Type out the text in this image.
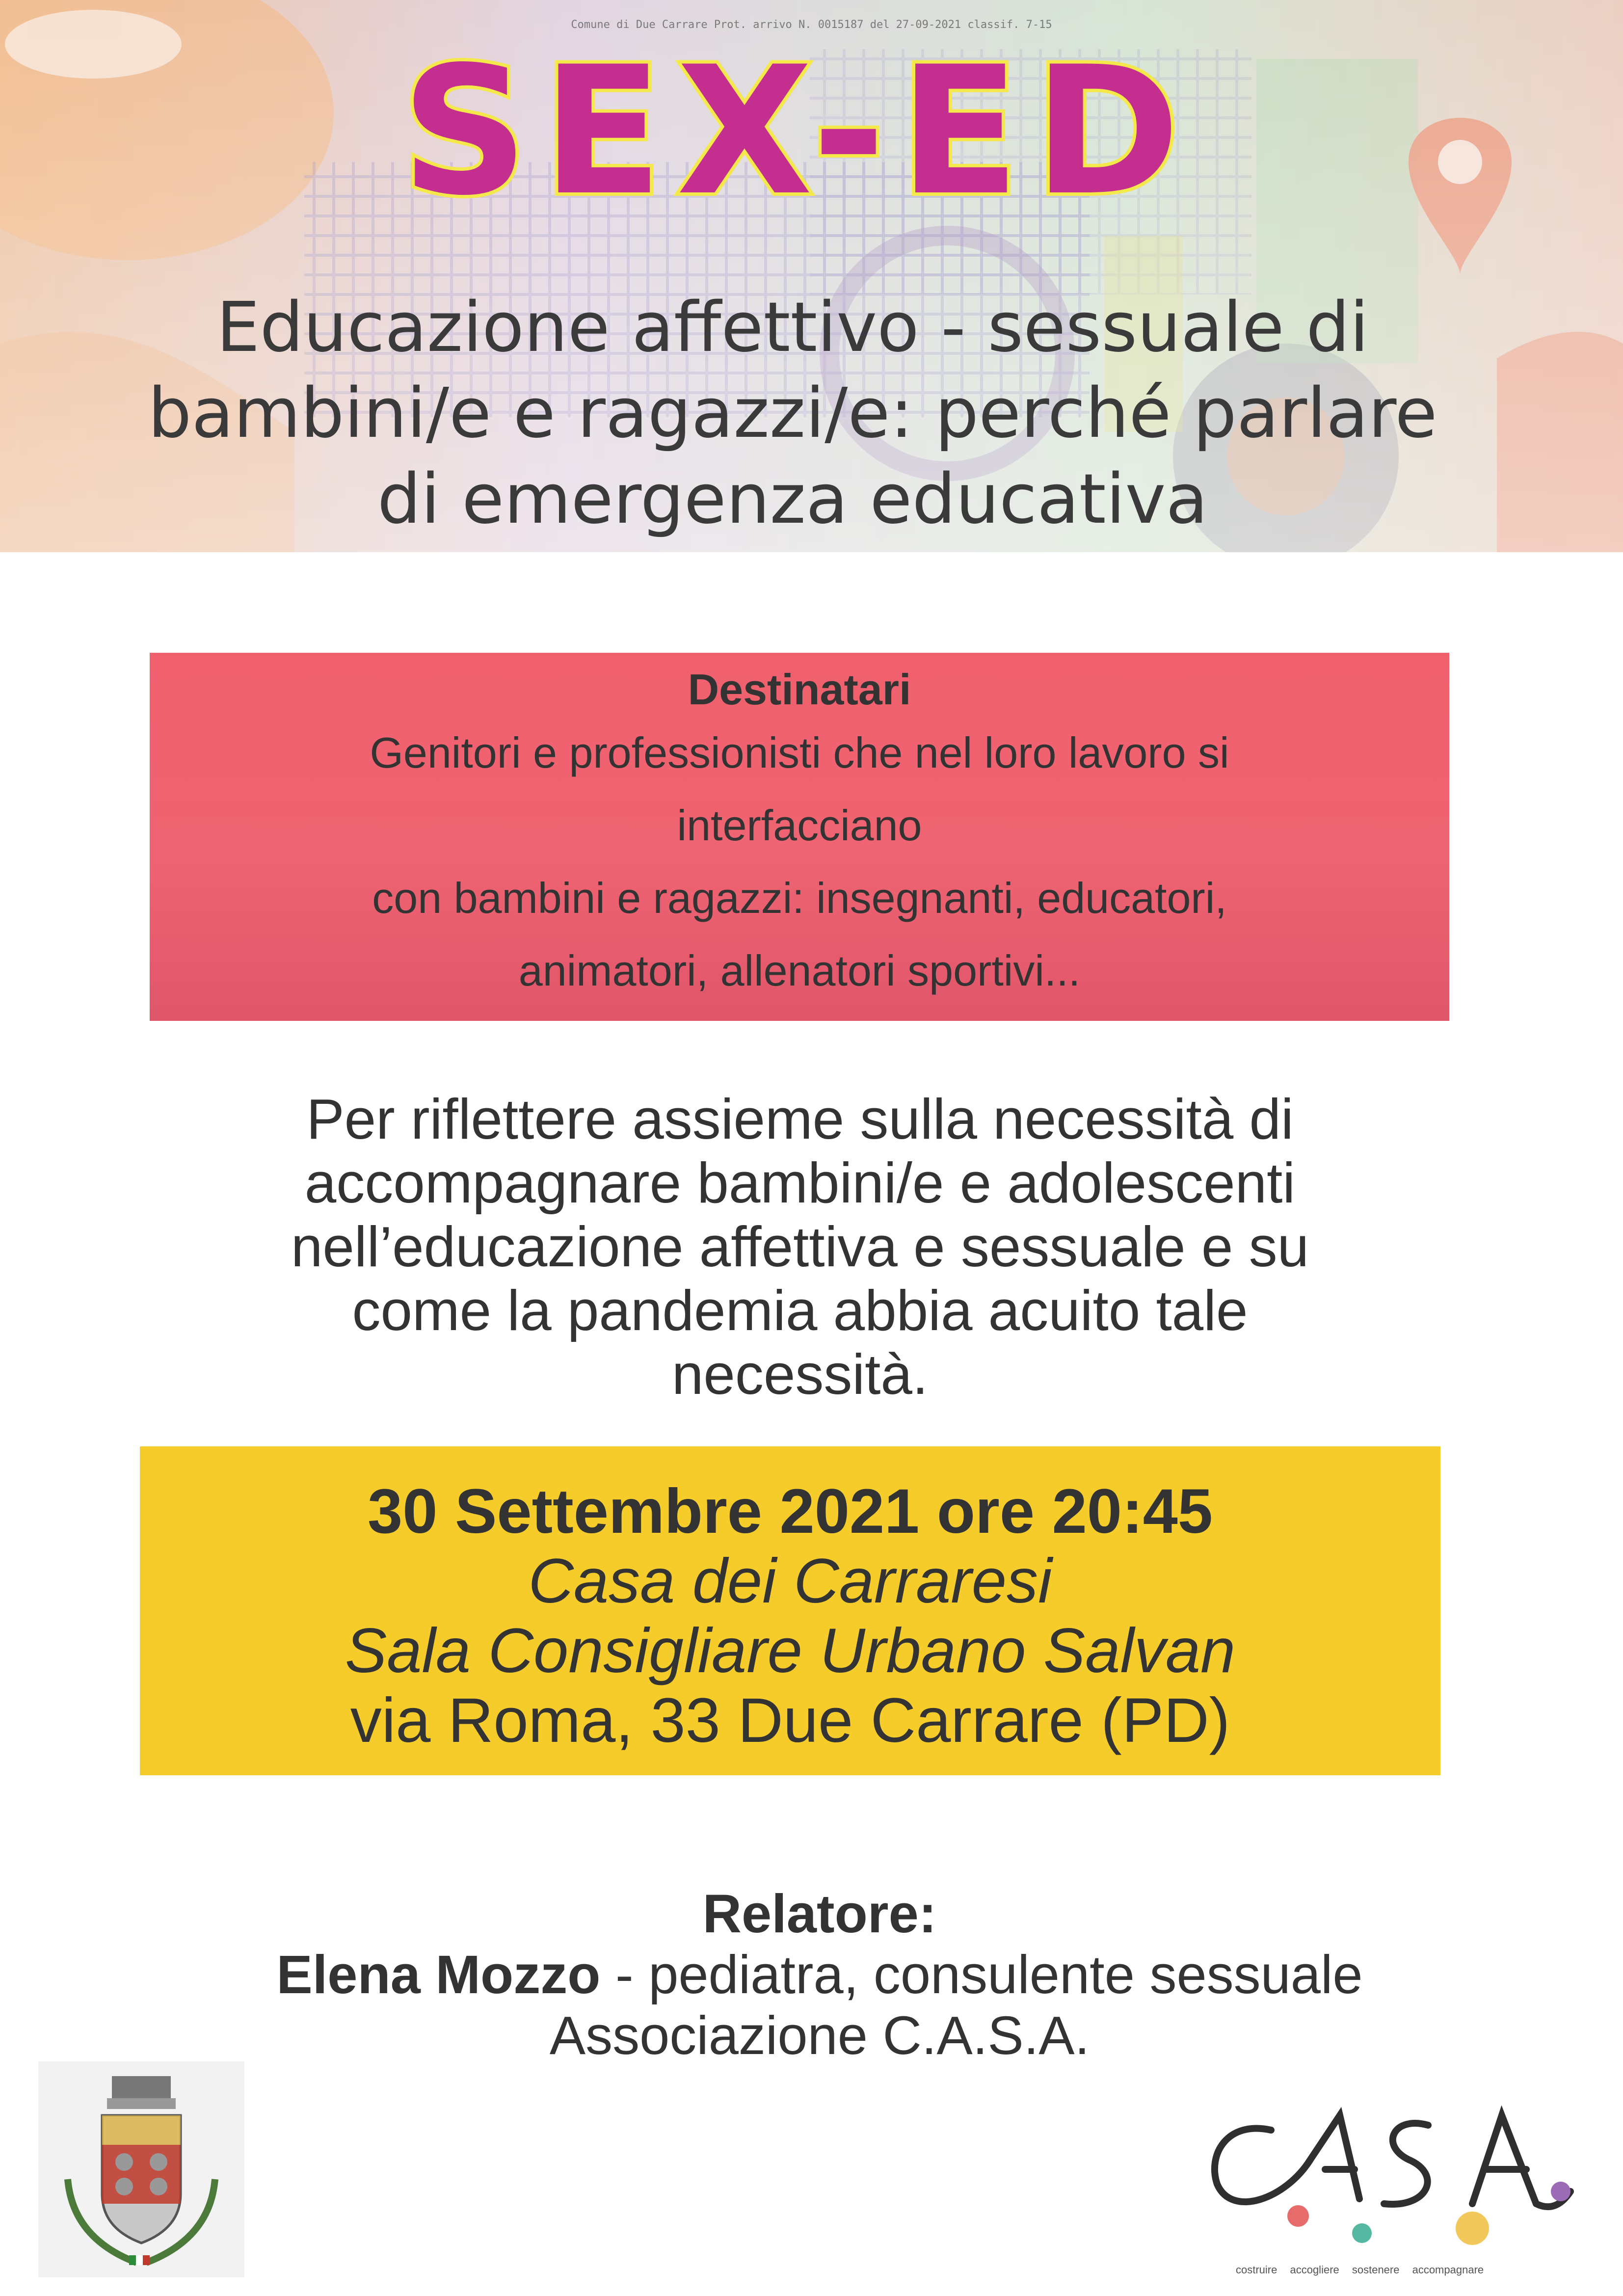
Comune di Due Carrare Prot. arrivo N. 0015187 del 27-09-2021 classif. 7-15
SEX-ED
Educazione affettivo - sessuale di
bambini/e e ragazzi/e: perché parlare
di emergenza educativa
Destinatari
Genitori e professionisti che nel loro lavoro si
interfacciano
con bambini e ragazzi: insegnanti, educatori,
animatori, allenatori sportivi...
Per riflettere assieme sulla necessità di
accompagnare bambini/e e adolescenti
nell’educazione affettiva e sessuale e su
come la pandemia abbia acuito tale
necessità.
30 Settembre 2021 ore 20:45
Casa dei Carraresi
Sala Consigliare Urbano Salvan
via Roma, 33 Due Carrare (PD)
Relatore:
Elena Mozzo - pediatra, consulente sessuale
Associazione C.A.S.A.
costruire accogliere sostenere accompagnare
